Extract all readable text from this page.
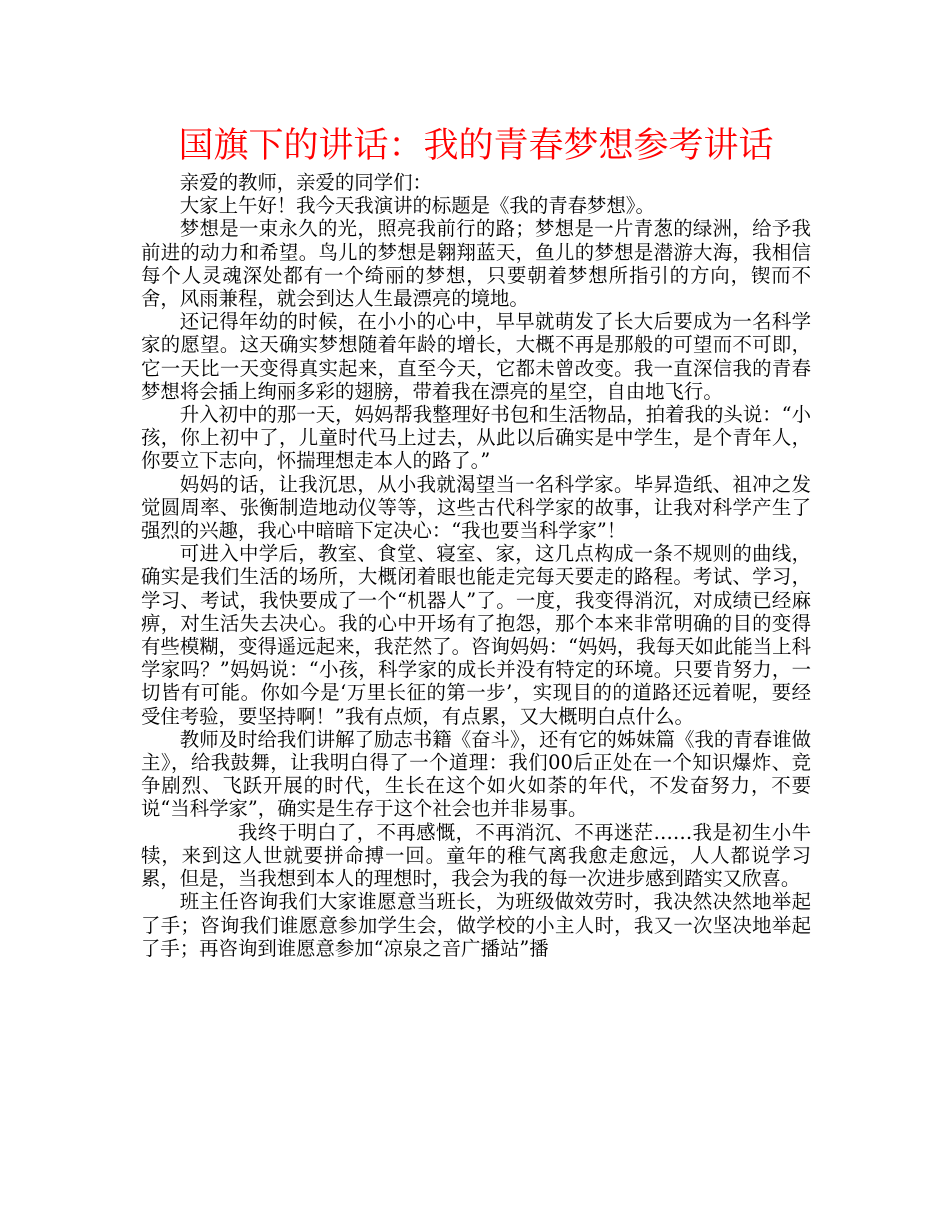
国旗下的讲话：我的青春梦想参考讲话

亲爱的教师，亲爱的同学们：

大家上午好！我今天我演讲的标题是《我的青春梦想》。

梦想是一束永久的光，照亮我前行的路；梦想是一片青葱的绿洲，给予我前进的动力和希望。鸟儿的梦想是翱翔蓝天，鱼儿的梦想是潜游大海，我相信每个人灵魂深处都有一个绮丽的梦想，只要朝着梦想所指引的方向，锲而不舍，风雨兼程，就会到达人生最漂亮的境地。

还记得年幼的时候，在小小的心中，早早就萌发了长大后要成为一名科学家的愿望。这天确实梦想随着年龄的增长，大概不再是那般的可望而不可即，它一天比一天变得真实起来，直至今天，它都未曾改变。我一直深信我的青春梦想将会插上绚丽多彩的翅膀，带着我在漂亮的星空，自由地飞行。

升入初中的那一天，妈妈帮我整理好书包和生活物品，拍着我的头说：“小孩，你上初中了，儿童时代马上过去，从此以后确实是中学生，是个青年人，你要立下志向，怀揣理想走本人的路了。”

妈妈的话，让我沉思，从小我就渴望当一名科学家。毕昇造纸、祖冲之发觉圆周率、张衡制造地动仪等等，这些古代科学家的故事，让我对科学产生了强烈的兴趣，我心中暗暗下定决心：“我也要当科学家”！

可进入中学后，教室、食堂、寝室、家，这几点构成一条不规则的曲线，确实是我们生活的场所，大概闭着眼也能走完每天要走的路程。考试、学习，学习、考试，我快要成了一个“机器人”了。一度，我变得消沉，对成绩已经麻痹，对生活失去决心。我的心中开场有了抱怨，那个本来非常明确的目的变得有些模糊，变得遥远起来，我茫然了。咨询妈妈：“妈妈，我每天如此能当上科学家吗？”妈妈说：“小孩，科学家的成长并没有特定的环境。只要肯努力，一切皆有可能。你如今是‘万里长征的第一步’，实现目的的道路还远着呢，要经受住考验，要坚持啊！”我有点烦，有点累，又大概明白点什么。

教师及时给我们讲解了励志书籍《奋斗》，还有它的姊妹篇《我的青春谁做主》，给我鼓舞，让我明白得了一个道理：我们00后正处在一个知识爆炸、竞争剧烈、飞跃开展的时代，生长在这个如火如荼的年代，不发奋努力，不要说“当科学家”，确实是生存于这个社会也并非易事。

我终于明白了，不再感慨，不再消沉、不再迷茫……我是初生小牛犊，来到这人世就要拼命搏一回。童年的稚气离我愈走愈远，人人都说学习累，但是，当我想到本人的理想时，我会为我的每一次进步感到踏实又欣喜。

班主任咨询我们大家谁愿意当班长，为班级做效劳时，我决然决然地举起了手；咨询我们谁愿意参加学生会，做学校的小主人时，我又一次坚决地举起了手；再咨询到谁愿意参加“凉泉之音广播站”播
